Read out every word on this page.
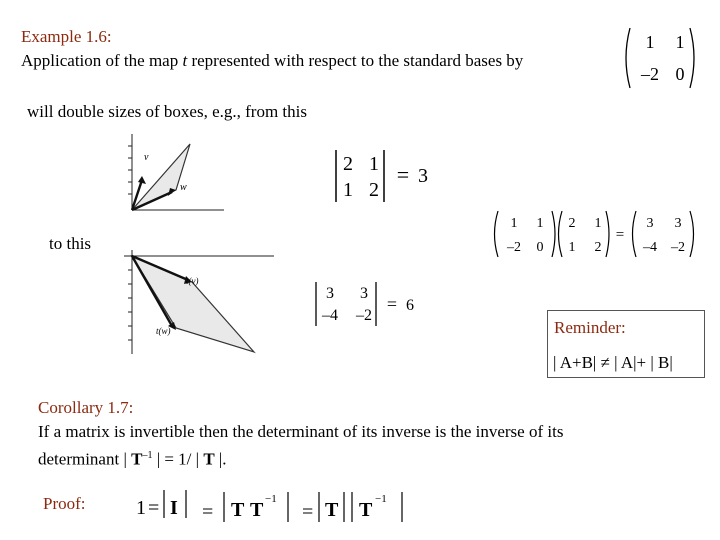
Example 1.6:
Application of the map t represented with respect to the standard bases by
1 1
–2 0
will double sizes of boxes, e.g., from this
v
w
2 1
1 2
= 3
1 1
–2 0
2 1
1 2
=
3 3
–4 –2
to this
t(v)
t(w)
3 3
–4 –2
= 6
Reminder:
| A+B| ≠ | A|+ | B|
Corollary 1.7:
If a matrix is invertible then the determinant of its inverse is the inverse of its
determinant | $T^{-1}$ | = 1/ | T |.
Proof:	1 = I = T T −1
= T T −1
